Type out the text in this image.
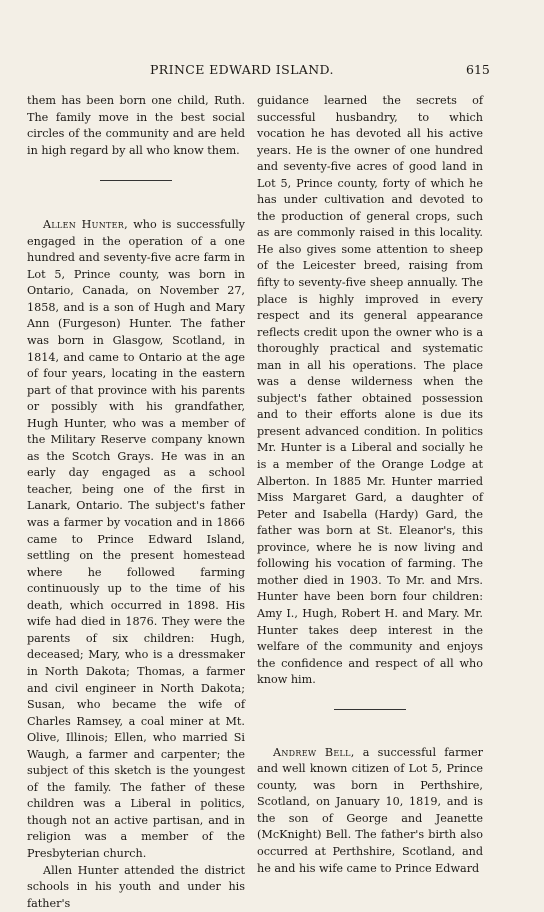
PRINCE EDWARD ISLAND.	615

them has been born one child, Ruth. The family move in the best social circles of the community and are held in high regard by all who know them.

Allen Hunter, who is successfully engaged in the operation of a one hundred and seventy-five acre farm in Lot 5, Prince county, was born in Ontario, Canada, on November 27, 1858, and is a son of Hugh and Mary Ann (Furgeson) Hunter. The father was born in Glasgow, Scotland, in 1814, and came to Ontario at the age of four years, locating in the eastern part of that province with his parents or possibly with his grandfather, Hugh Hunter, who was a member of the Military Reserve company known as the Scotch Grays. He was in an early day engaged as a school teacher, being one of the first in Lanark, Ontario. The subject's father was a farmer by vocation and in 1866 came to Prince Edward Island, settling on the present homestead where he followed farming continuously up to the time of his death, which occurred in 1898. His wife had died in 1876. They were the parents of six children: Hugh, deceased; Mary, who is a dressmaker in North Dakota; Thomas, a farmer and civil engineer in North Dakota; Susan, who became the wife of Charles Ramsey, a coal miner at Mt. Olive, Illinois; Ellen, who married Si Waugh, a farmer and carpenter; the subject of this sketch is the youngest of the family. The father of these children was a Liberal in politics, though not an active partisan, and in religion was a member of the Presbyterian church.

Allen Hunter attended the district schools in his youth and under his father's

guidance learned the secrets of successful husbandry, to which vocation he has devoted all his active years. He is the owner of one hundred and seventy-five acres of good land in Lot 5, Prince county, forty of which he has under cultivation and devoted to the production of general crops, such as are commonly raised in this locality. He also gives some attention to sheep of the Leicester breed, raising from fifty to seventy-five sheep annually. The place is highly improved in every respect and its general appearance reflects credit upon the owner who is a thoroughly practical and systematic man in all his operations. The place was a dense wilderness when the subject's father obtained possession and to their efforts alone is due its present advanced condition. In politics Mr. Hunter is a Liberal and socially he is a member of the Orange Lodge at Alberton. In 1885 Mr. Hunter married Miss Margaret Gard, a daughter of Peter and Isabella (Hardy) Gard, the father was born at St. Eleanor's, this province, where he is now living and following his vocation of farming. The mother died in 1903. To Mr. and Mrs. Hunter have been born four children: Amy I., Hugh, Robert H. and Mary. Mr. Hunter takes deep interest in the welfare of the community and enjoys the confidence and respect of all who know him.

Andrew Bell, a successful farmer and well known citizen of Lot 5, Prince county, was born in Perthshire, Scotland, on January 10, 1819, and is the son of George and Jeanette (McKnight) Bell. The father's birth also occurred at Perthshire, Scotland, and he and his wife came to Prince Edward
